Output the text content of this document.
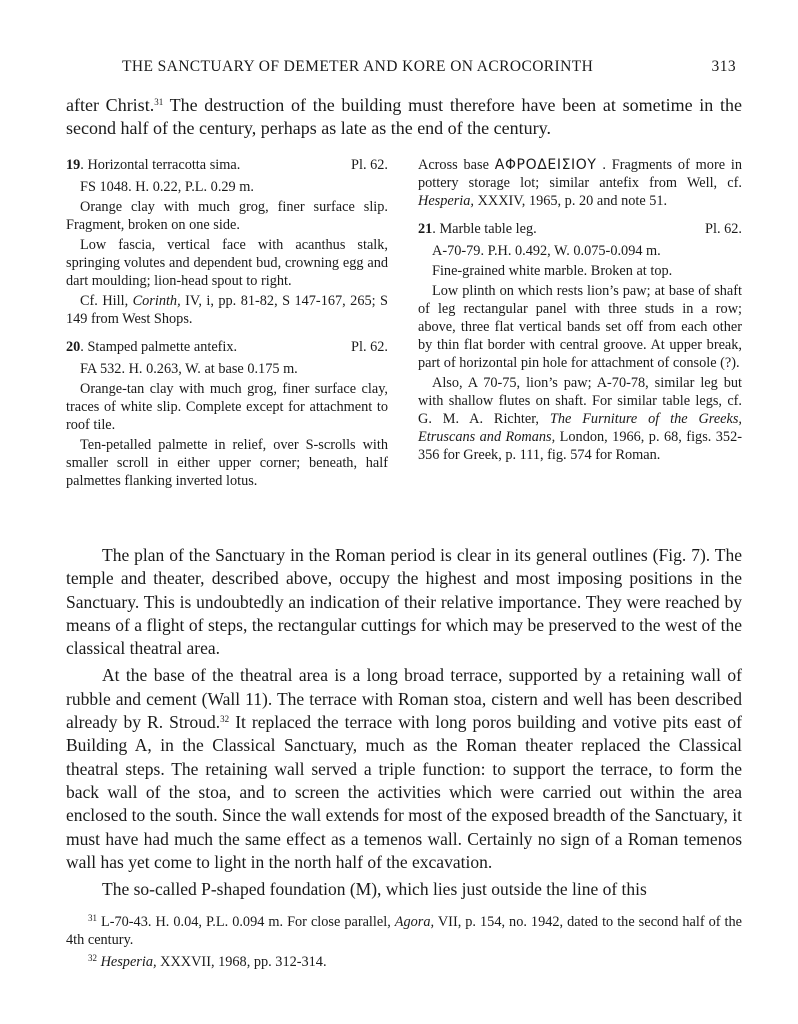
THE SANCTUARY OF DEMETER AND KORE ON ACROCORINTH	313

after Christ.$^{31}$ The destruction of the building must therefore have been at sometime in the second half of the century, perhaps as late as the end of the century.

19. Horizontal terracotta sima.	Pl. 62.

FS 1048. H. 0.22, P.L. 0.29 m.

Orange clay with much grog, finer surface slip. Fragment, broken on one side.

Low fascia, vertical face with acanthus stalk, springing volutes and dependent bud, crowning egg and dart moulding; lion-head spout to right.

Cf. Hill, Corinth, IV, i, pp. 81-82, S 147-167, 265; S 149 from West Shops.

20. Stamped palmette antefix.	Pl. 62.

FA 532. H. 0.263, W. at base 0.175 m.

Orange-tan clay with much grog, finer surface clay, traces of white slip. Complete except for attachment to roof tile.

Ten-petalled palmette in relief, over S-scrolls with smaller scroll in either upper corner; beneath, half palmettes flanking inverted lotus.

Across base ΑΦΡΟΔΕΙΣΙΟΥ . Fragments of more in pottery storage lot; similar antefix from Well, cf. Hesperia, XXXIV, 1965, p. 20 and note 51.

21. Marble table leg.	Pl. 62.

A-70-79. P.H. 0.492, W. 0.075-0.094 m.

Fine-grained white marble. Broken at top.

Low plinth on which rests lion’s paw; at base of shaft of leg rectangular panel with three studs in a row; above, three flat vertical bands set off from each other by thin flat border with central groove. At upper break, part of horizontal pin hole for attachment of console (?).

Also, A 70-75, lion’s paw; A-70-78, similar leg but with shallow flutes on shaft. For similar table legs, cf. G. M. A. Richter, The Furniture of the Greeks, Etruscans and Romans, London, 1966, p. 68, figs. 352-356 for Greek, p. 111, fig. 574 for Roman.

The plan of the Sanctuary in the Roman period is clear in its general outlines (Fig. 7). The temple and theater, described above, occupy the highest and most imposing positions in the Sanctuary. This is undoubtedly an indication of their relative importance. They were reached by means of a flight of steps, the rectangular cuttings for which may be preserved to the west of the classical theatral area.

At the base of the theatral area is a long broad terrace, supported by a retaining wall of rubble and cement (Wall 11). The terrace with Roman stoa, cistern and well has been described already by R. Stroud.$^{32}$ It replaced the terrace with long poros building and votive pits east of Building A, in the Classical Sanctuary, much as the Roman theater replaced the Classical theatral steps. The retaining wall served a triple function: to support the terrace, to form the back wall of the stoa, and to screen the activities which were carried out within the area enclosed to the south. Since the wall extends for most of the exposed breadth of the Sanctuary, it must have had much the same effect as a temenos wall. Certainly no sign of a Roman temenos wall has yet come to light in the north half of the excavation.

The so-called P-shaped foundation (M), which lies just outside the line of this

$^{31}$ L-70-43. H. 0.04, P.L. 0.094 m. For close parallel, Agora, VII, p. 154, no. 1942, dated to the second half of the 4th century.

$^{32}$ Hesperia, XXXVII, 1968, pp. 312-314.
